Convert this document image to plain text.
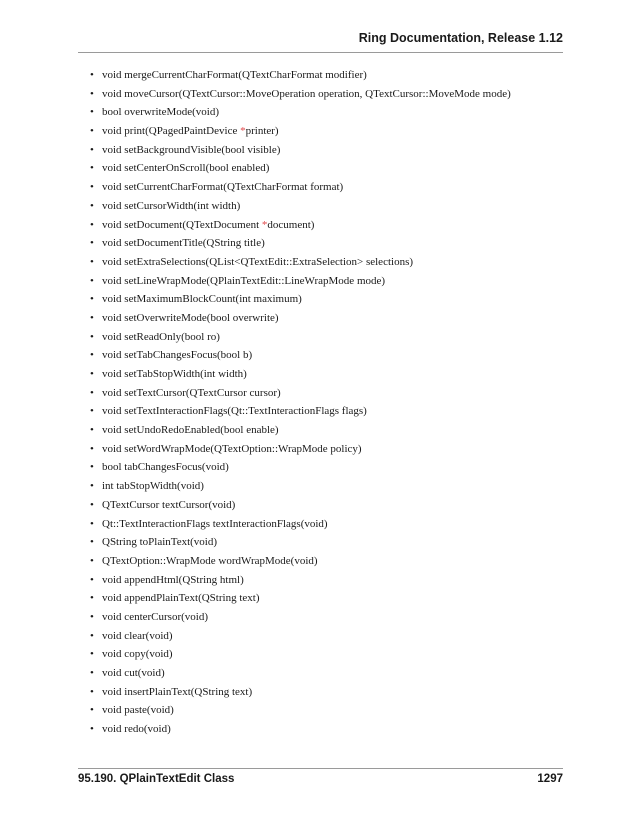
Ring Documentation, Release 1.12
• void mergeCurrentCharFormat(QTextCharFormat modifier)
• void moveCursor(QTextCursor::MoveOperation operation, QTextCursor::MoveMode mode)
• bool overwriteMode(void)
• void print(QPagedPaintDevice *printer)
• void setBackgroundVisible(bool visible)
• void setCenterOnScroll(bool enabled)
• void setCurrentCharFormat(QTextCharFormat format)
• void setCursorWidth(int width)
• void setDocument(QTextDocument *document)
• void setDocumentTitle(QString title)
• void setExtraSelections(QList<QTextEdit::ExtraSelection> selections)
• void setLineWrapMode(QPlainTextEdit::LineWrapMode mode)
• void setMaximumBlockCount(int maximum)
• void setOverwriteMode(bool overwrite)
• void setReadOnly(bool ro)
• void setTabChangesFocus(bool b)
• void setTabStopWidth(int width)
• void setTextCursor(QTextCursor cursor)
• void setTextInteractionFlags(Qt::TextInteractionFlags flags)
• void setUndoRedoEnabled(bool enable)
• void setWordWrapMode(QTextOption::WrapMode policy)
• bool tabChangesFocus(void)
• int tabStopWidth(void)
• QTextCursor textCursor(void)
• Qt::TextInteractionFlags textInteractionFlags(void)
• QString toPlainText(void)
• QTextOption::WrapMode wordWrapMode(void)
• void appendHtml(QString html)
• void appendPlainText(QString text)
• void centerCursor(void)
• void clear(void)
• void copy(void)
• void cut(void)
• void insertPlainText(QString text)
• void paste(void)
• void redo(void)
95.190. QPlainTextEdit Class	1297
